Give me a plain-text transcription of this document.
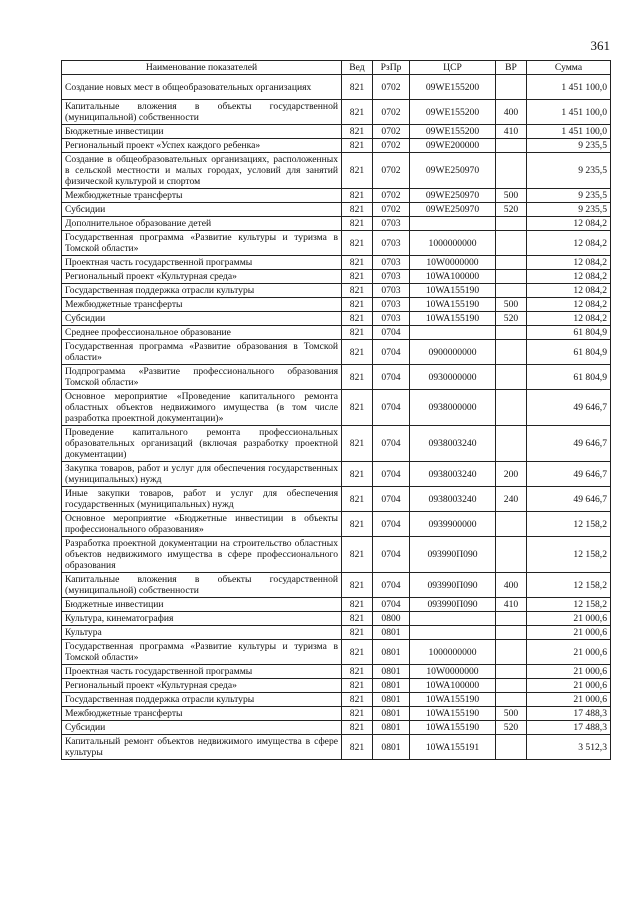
361
Наименование показателей	Вед	РзПр	ЦСР	ВР	Сумма
Создание новых мест в общеобразовательных организациях	821	0702	09WE155200		1 451 100,0
Капитальные вложения в объекты государственной (муниципальной) собственности	821	0702	09WE155200	400	1 451 100,0
Бюджетные инвестиции	821	0702	09WE155200	410	1 451 100,0
Региональный проект «Успех каждого ребенка»	821	0702	09WE200000		9 235,5
Создание в общеобразовательных организациях, расположенных в сельской местности и малых городах, условий для занятий физической культурой и спортом	821	0702	09WE250970		9 235,5
Межбюджетные трансферты	821	0702	09WE250970	500	9 235,5
Субсидии	821	0702	09WE250970	520	9 235,5
Дополнительное образование детей	821	0703			12 084,2
Государственная программа «Развитие культуры и туризма в Томской области»	821	0703	1000000000		12 084,2
Проектная часть государственной программы	821	0703	10W0000000		12 084,2
Региональный проект «Культурная среда»	821	0703	10WA100000		12 084,2
Государственная поддержка отрасли культуры	821	0703	10WA155190		12 084,2
Межбюджетные трансферты	821	0703	10WA155190	500	12 084,2
Субсидии	821	0703	10WA155190	520	12 084,2
Среднее профессиональное образование	821	0704			61 804,9
Государственная программа «Развитие образования в Томской области»	821	0704	0900000000		61 804,9
Подпрограмма «Развитие профессионального образования Томской области»	821	0704	0930000000		61 804,9
Основное мероприятие «Проведение капитального ремонта областных объектов недвижимого имущества (в том числе разработка проектной документации)»	821	0704	0938000000		49 646,7
Проведение капитального ремонта профессиональных образовательных организаций (включая разработку проектной документации)	821	0704	0938003240		49 646,7
Закупка товаров, работ и услуг для обеспечения государственных (муниципальных) нужд	821	0704	0938003240	200	49 646,7
Иные закупки товаров, работ и услуг для обеспечения государственных (муниципальных) нужд	821	0704	0938003240	240	49 646,7
Основное мероприятие «Бюджетные инвестиции в объекты профессионального образования»	821	0704	0939900000		12 158,2
Разработка проектной документации на строительство областных объектов недвижимого имущества в сфере профессионального образования	821	0704	093990П090		12 158,2
Капитальные вложения в объекты государственной (муниципальной) собственности	821	0704	093990П090	400	12 158,2
Бюджетные инвестиции	821	0704	093990П090	410	12 158,2
Культура, кинематография	821	0800			21 000,6
Культура	821	0801			21 000,6
Государственная программа «Развитие культуры и туризма в Томской области»	821	0801	1000000000		21 000,6
Проектная часть государственной программы	821	0801	10W0000000		21 000,6
Региональный проект «Культурная среда»	821	0801	10WA100000		21 000,6
Государственная поддержка отрасли культуры	821	0801	10WA155190		21 000,6
Межбюджетные трансферты	821	0801	10WA155190	500	17 488,3
Субсидии	821	0801	10WA155190	520	17 488,3
Капитальный ремонт объектов недвижимого имущества в сфере культуры	821	0801	10WA155191		3 512,3
